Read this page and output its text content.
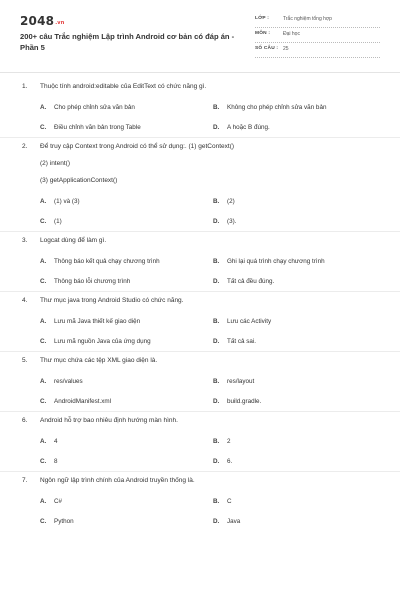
2048.vn
200+ câu Trắc nghiệm Lập trình Android cơ bản có đáp án - Phần 5
LỚP :	Trắc nghiệm tổng hợp
MÔN :	Đại học
SỐ CÂU : 25
1. Thuộc tính android:editable của EditText có chức năng gì.
A. Cho phép chỉnh sửa văn bản	B. Không cho phép chỉnh sửa văn bản
C. Điều chỉnh văn bản trong Table	D. A hoặc B đúng.
2. Để truy cập Context trong Android có thể sử dụng:. (1) getContext()
(2) intent()
(3) getApplicationContext()
A. (1) và (3)	B. (2)
C. (1)	D. (3).
3. Logcat dùng để làm gì.
A. Thông báo kết quả chạy chương trình	B. Ghi lại quá trình chạy chương trình
C. Thông báo lỗi chương trình	D. Tất cả đều đúng.
4. Thư mục java trong Android Studio có chức năng.
A. Lưu mã Java thiết kế giao diện	B. Lưu các Activity
C. Lưu mã nguồn Java của ứng dụng	D. Tất cả sai.
5. Thư mục chứa các tệp XML giao diện là.
A. res/values	B. res/layout
C. AndroidManifest.xml	D. build.gradle.
6. Android hỗ trợ bao nhiêu định hướng màn hình.
A. 4	B. 2
C. 8	D. 6.
7. Ngôn ngữ lập trình chính của Android truyền thống là.
A. C#	B. C
C. Python	D. Java
